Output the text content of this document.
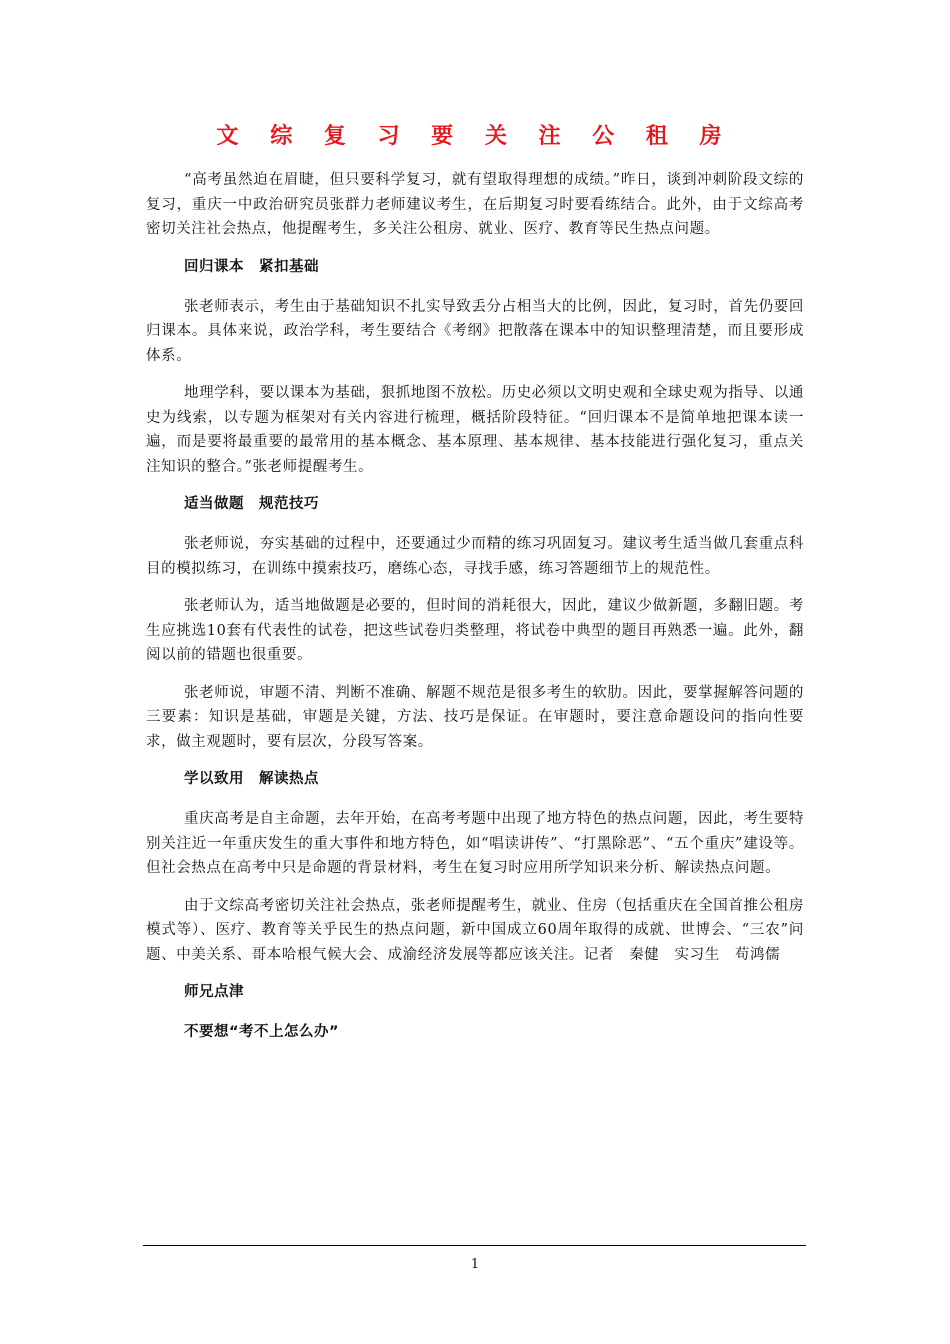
文 综 复 习 要 关 注 公 租 房

“高考虽然迫在眉睫，但只要科学复习，就有望取得理想的成绩。”昨日，谈到冲刺阶段文综的复习，重庆一中政治研究员张群力老师建议考生，在后期复习时要看练结合。此外，由于文综高考密切关注社会热点，他提醒考生，多关注公租房、就业、医疗、教育等民生热点问题。

回归课本　紧扣基础

张老师表示，考生由于基础知识不扎实导致丢分占相当大的比例，因此，复习时，首先仍要回归课本。具体来说，政治学科，考生要结合《考纲》把散落在课本中的知识整理清楚，而且要形成体系。

地理学科，要以课本为基础，狠抓地图不放松。历史必须以文明史观和全球史观为指导、以通史为线索，以专题为框架对有关内容进行梳理，概括阶段特征。“回归课本不是简单地把课本读一遍，而是要将最重要的最常用的基本概念、基本原理、基本规律、基本技能进行强化复习，重点关注知识的整合。”张老师提醒考生。

适当做题　规范技巧

张老师说，夯实基础的过程中，还要通过少而精的练习巩固复习。建议考生适当做几套重点科目的模拟练习，在训练中摸索技巧，磨练心态，寻找手感，练习答题细节上的规范性。

张老师认为，适当地做题是必要的，但时间的消耗很大，因此，建议少做新题，多翻旧题。考生应挑选10套有代表性的试卷，把这些试卷归类整理，将试卷中典型的题目再熟悉一遍。此外，翻阅以前的错题也很重要。

张老师说，审题不清、判断不准确、解题不规范是很多考生的软肋。因此，要掌握解答问题的三要素：知识是基础，审题是关键，方法、技巧是保证。在审题时，要注意命题设问的指向性要求，做主观题时，要有层次，分段写答案。

学以致用　解读热点

重庆高考是自主命题，去年开始，在高考考题中出现了地方特色的热点问题，因此，考生要特别关注近一年重庆发生的重大事件和地方特色，如“唱读讲传”、“打黑除恶”、“五个重庆”建设等。但社会热点在高考中只是命题的背景材料，考生在复习时应用所学知识来分析、解读热点问题。

由于文综高考密切关注社会热点，张老师提醒考生，就业、住房（包括重庆在全国首推公租房模式等）、医疗、教育等关乎民生的热点问题，新中国成立60周年取得的成就、世博会、“三农”问题、中美关系、哥本哈根气候大会、成渝经济发展等都应该关注。记者　秦健　实习生　苟鸿儒

师兄点津
不要想“考不上怎么办”
1
